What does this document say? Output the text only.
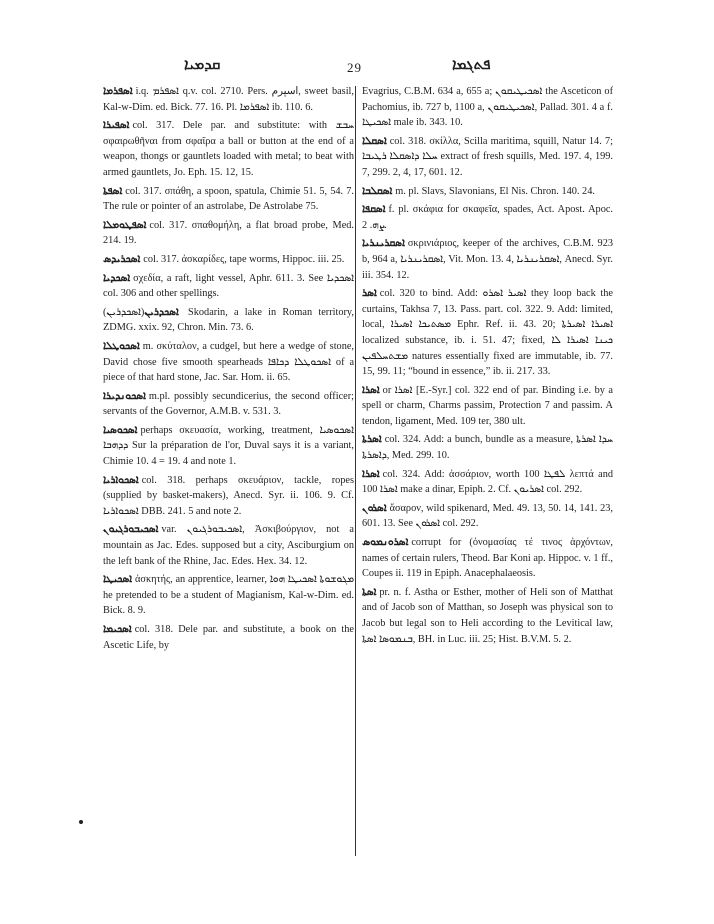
ܩܕܡܝܐ	29	ܦܬܓܡܐ

ܐܣܦܪܡܐ i.q. ܐܣܦܪܡ q.v. col. 2710. Pers. ‎اسپرم‎, sweet basil, Kal-w-Dim. ed. Bick. 77. 16. Pl. ܐܣܦܪܡܐ ib. 110. 6.

ܐܣܦܝܪܐ col. 317. Dele par. and substitute: with ܚܒܫ σφαιρωθῆναι from σφαῖρα a ball or button at the end of a weapon, thongs or gauntlets loaded with metal; to beat with armed gauntlets, Jo. Eph. 15. 12, 15.

ܐܣܦܬܐ col. 317. σπάθη, a spoon, spatula, Chimie 51. 5, 54. 7. The rule or pointer of an astrolabe, De Astrolabe 75.

ܐܣܦܛܘܡܠܐ col. 317. σπαθομήλη, a flat broad probe, Med. 214. 19.

ܐܣܟܪܝܕܣ col. 317. ἀσκαρίδες, tape worms, Hippoc. iii. 25.

ܐܣܟܕܝܐ σχεδία, a raft, light vessel, Aphr. 611. 3. See ܐܣܟܕܝܐ col. 306 and other spellings.

ܐܣܟܕܪܝܢ(ܐܣܟܕܪܝܢ) Skodarin, a lake in Roman territory, ZDMG. xxix. 92, Chron. Min. 73. 6.

ܐܣܟܘܛܠܐ m. σκύταλον, a cudgel, but here a wedge of stone, David chose five smooth spearheads ܐܣܟܘܛܠܐ ܕܟܐܦܐ of a piece of that hard stone, Jac. Sar. Hom. ii. 65.

ܐܣܟܘܢܕܝܪܐ m.pl. possibly secundicerius, the second officer; servants of the Governor, A.M.B. v. 531. 3.

ܐܣܟܘܣܝܐ perhaps σκευασία, working, treatment, ܐܣܟܘܣܝܐ ܕܕܗܒܐ Sur la préparation de l'or, Duval says it is a variant, Chimie 10. 4 = 19. 4 and note 1.

ܐܣܟܘܐܪܝܐ col. 318. perhaps σκευάριον, tackle, ropes (supplied by basket-makers), Anecd. Syr. ii. 106. 9. Cf. ܐܣܟܘܐܪܝܐ DBB. 241. 5 and note 2.

ܐܣܟܝܒܘܪܓܝܘܢ var. ܐܣܟܝܒܘܪܓܝܘܢ, Ἀσκιβούργιον, not a mountain as Jac. Edes. supposed but a city, Asciburgium on the left bank of the Rhine, Jac. Edes. Hex. 34. 12.

ܐܣܟܝܛܐ ἀσκητής, an apprentice, learner, ܡܓܘܫܘܬܐ ܐܣܟܝܛܐ ܗܘܐ he pretended to be a student of Magianism, Kal-w-Dim. ed. Bick. 8. 9.

ܐܣܟܝܡܐ col. 318. Dele par. and substitute, a book on the Ascetic Life, by

Evagrius, C.B.M. 634 a, 655 a; ܐܣܟܝܛܝܩܘܢ the Asceticon of Pachomius, ib. 727 b, 1100 a, ܐܣܟܝܛܝܩܘܢ, Pallad. 301. 4 a f. ܐܣܟܝܛܐ male ib. 343. 10.

ܐܣܩܠܐ col. 318. σκίλλα, Scilla maritima, squill, Natur 14. 7; ܚܠܐ ܕܐܣܩܠܐ ܪܛܝܒܐ extract of fresh squills, Med. 197. 4, 199. 7, 299. 2, 4, 17, 601. 12.

ܐܣܩܠܒܐ m. pl. Slavs, Slavonians, El Nis. Chron. 140. 24.

ܐܣܩܦܐ f. pl. σκάφια for σκαφεῖα, spades, Act. Apost. Apoc. ܨܗ. 2.

ܐܣܩܪܝܢܪܝܐ σκρινιάριος, keeper of the archives, C.B.M. 923 b, 964 a, ܐܣܩܪܝܢܪܝܐ, Vit. Mon. 13. 4, ܐܣܩܪܝܢܪܝܐ, Anecd. Syr. iii. 354. 12.

ܐܣܪ col. 320 to bind. Add: ܐܣܝܪ ܐܣܪܘ they loop back the curtains, Takhsa 7, 13. Pass. part. col. 322. 9. Add: limited, local, ܡܣܬܝܟܐ ܐܣܝܪܐ Ephr. Ref. ii. 43. 20; ܐܣܝܪܐ ܐܣܝܪܬܐ localized substance, ib. i. 51. 47; fixed, ܟܝܢܐ ܐܣܝܪܐ ܠܐ ܡܫܬܚܠܦܝܢ natures essentially fixed are immutable, ib. 77. 15, 99. 11; “bound in essence,” ib. ii. 217. 33.

ܐܣܪܐ or ܐܣܪܐ [E.-Syr.] col. 322 end of par. Binding i.e. by a spell or charm, Charms passim, Protection 7 and passim. A tendon, ligament, Med. 109 ter, 380 ult.

ܐܣܪܬܐ col. 324. Add: a bunch, bundle as a measure, ܚܕܐ ܐܣܪܬܐ ܕܐܣܪܬܐ, Med. 299. 10.

ܐܣܪܐ col. 324. Add: ἀσσάριον, worth 100 ܠܦܛܐ λεπτά and 100 ܐܣܪܐ make a dinar, Epiph. 2. Cf. ܐܣܪܝܘܢ col. 292.

ܐܣܪܘܢ ἄσαρον, wild spikenard, Med. 49. 13, 50. 14, 141. 23, 601. 13. See ܐܣܪܘܢ col. 292.

ܐܣܪܘܢܡܘܣ corrupt for (ὀνομασίας τέ τινος ἀρχόντων, names of certain rulers, Theod. Bar Koni ap. Hippoc. v. 1 ff., Coupes ii. 119 in Epiph. Anacephalaeosis.

ܐܣܬܐ pr. n. f. Astha or Esther, mother of Heli son of Matthat and of Jacob son of Matthan, so Joseph was physical son to Jacob but legal son to Heli according to the Levitical law, ܒܢܡܘܣܐ ܐܣܬܐ, BH. in Luc. iii. 25; Hist. B.V.M. 5. 2.
